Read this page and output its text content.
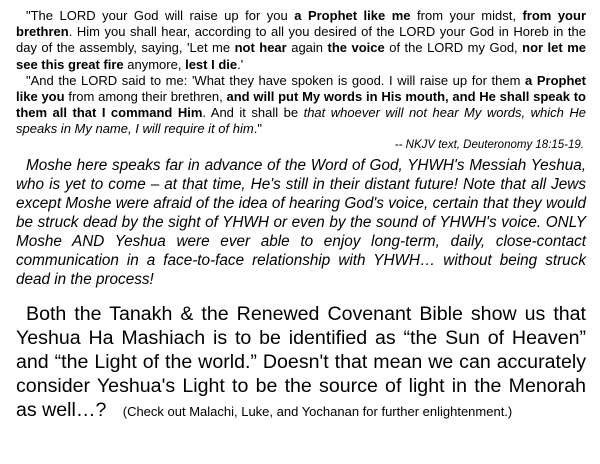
"The LORD your God will raise up for you a Prophet like me from your midst, from your brethren. Him you shall hear, according to all you desired of the LORD your God in Horeb in the day of the assembly, saying, 'Let me not hear again the voice of the LORD my God, nor let me see this great fire anymore, lest I die.'

"And the LORD said to me: 'What they have spoken is good. I will raise up for them a Prophet like you from among their brethren, and will put My words in His mouth, and He shall speak to them all that I command Him. And it shall be that whoever will not hear My words, which He speaks in My name, I will require it of him."

-- NKJV text, Deuteronomy 18:15-19.

Moshe here speaks far in advance of the Word of God, YHWH's Messiah Yeshua, who is yet to come – at that time, He's still in their distant future! Note that all Jews except Moshe were afraid of the idea of hearing God's voice, certain that they would be struck dead by the sight of YHWH or even by the sound of YHWH's voice. ONLY Moshe AND Yeshua were ever able to enjoy long-term, daily, close-contact communication in a face-to-face relationship with YHWH… without being struck dead in the process!

Both the Tanakh & the Renewed Covenant Bible show us that Yeshua Ha Mashiach is to be identified as “the Sun of Heaven” and “the Light of the world.” Doesn't that mean we can accurately consider Yeshua's Light to be the source of light in the Menorah as well…? (Check out Malachi, Luke, and Yochanan for further enlightenment.)
